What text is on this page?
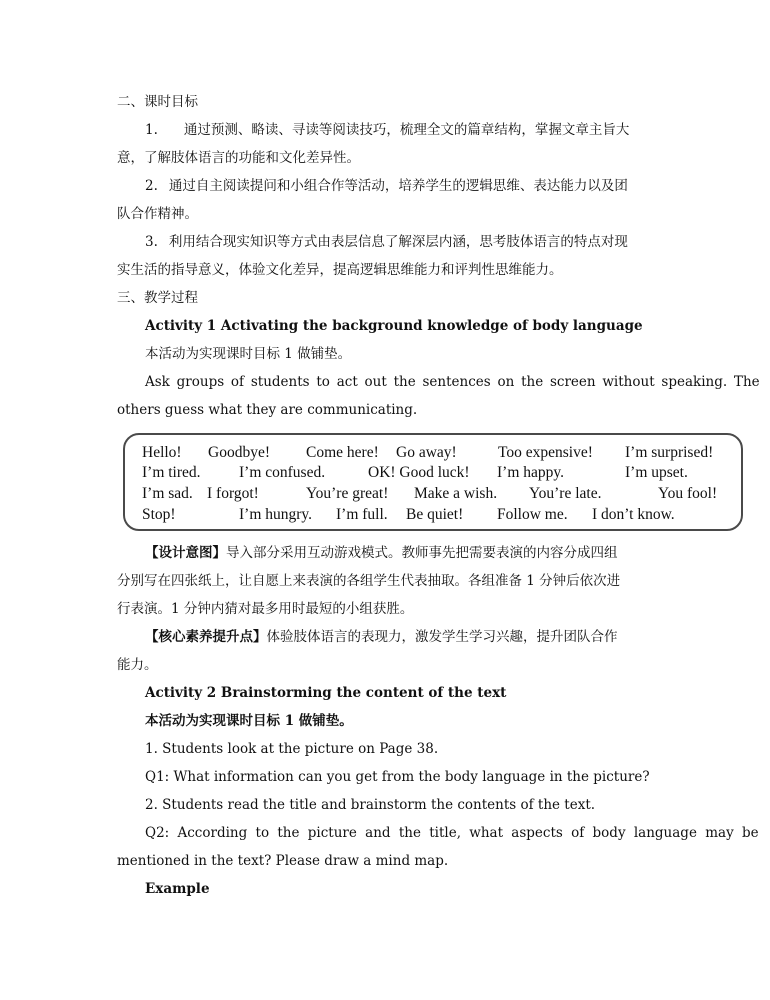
二、课时目标
1. 通过预测、略读、寻读等阅读技巧，梳理全文的篇章结构，掌握文章主旨大
意，了解肢体语言的功能和文化差异性。
2. 通过自主阅读提问和小组合作等活动，培养学生的逻辑思维、表达能力以及团
队合作精神。
3. 利用结合现实知识等方式由表层信息了解深层内涵，思考肢体语言的特点对现
实生活的指导意义，体验文化差异，提高逻辑思维能力和评判性思维能力。
三、教学过程
Activity 1 Activating the background knowledge of body language
本活动为实现课时目标 1 做铺垫。
Ask groups of students to act out the sentences on the screen without speaking. The
others guess what they are communicating.
Hello! Goodbye! Come here! Go away!	Too expensive! I’m surprised!
I’m tired. I’m confused.	OK! Good luck! I’m happy.	I’m upset.
I’m sad. I forgot!	You’re great! Make a wish. You’re late.	You fool!
Stop!	I’m hungry. I’m full. Be quiet! Follow me. I don’t know.
【设计意图】导入部分采用互动游戏模式。教师事先把需要表演的内容分成四组
分别写在四张纸上，让自愿上来表演的各组学生代表抽取。各组准备 1 分钟后依次进
行表演。1 分钟内猜对最多用时最短的小组获胜。
【核心素养提升点】体验肢体语言的表现力，激发学生学习兴趣，提升团队合作
能力。
Activity 2 Brainstorming the content of the text
本活动为实现课时目标 1 做铺垫。
1. Students look at the picture on Page 38.
Q1: What information can you get from the body language in the picture?
2. Students read the title and brainstorm the contents of the text.
Q2: According to the picture and the title, what aspects of body language may be
mentioned in the text? Please draw a mind map.
Example
